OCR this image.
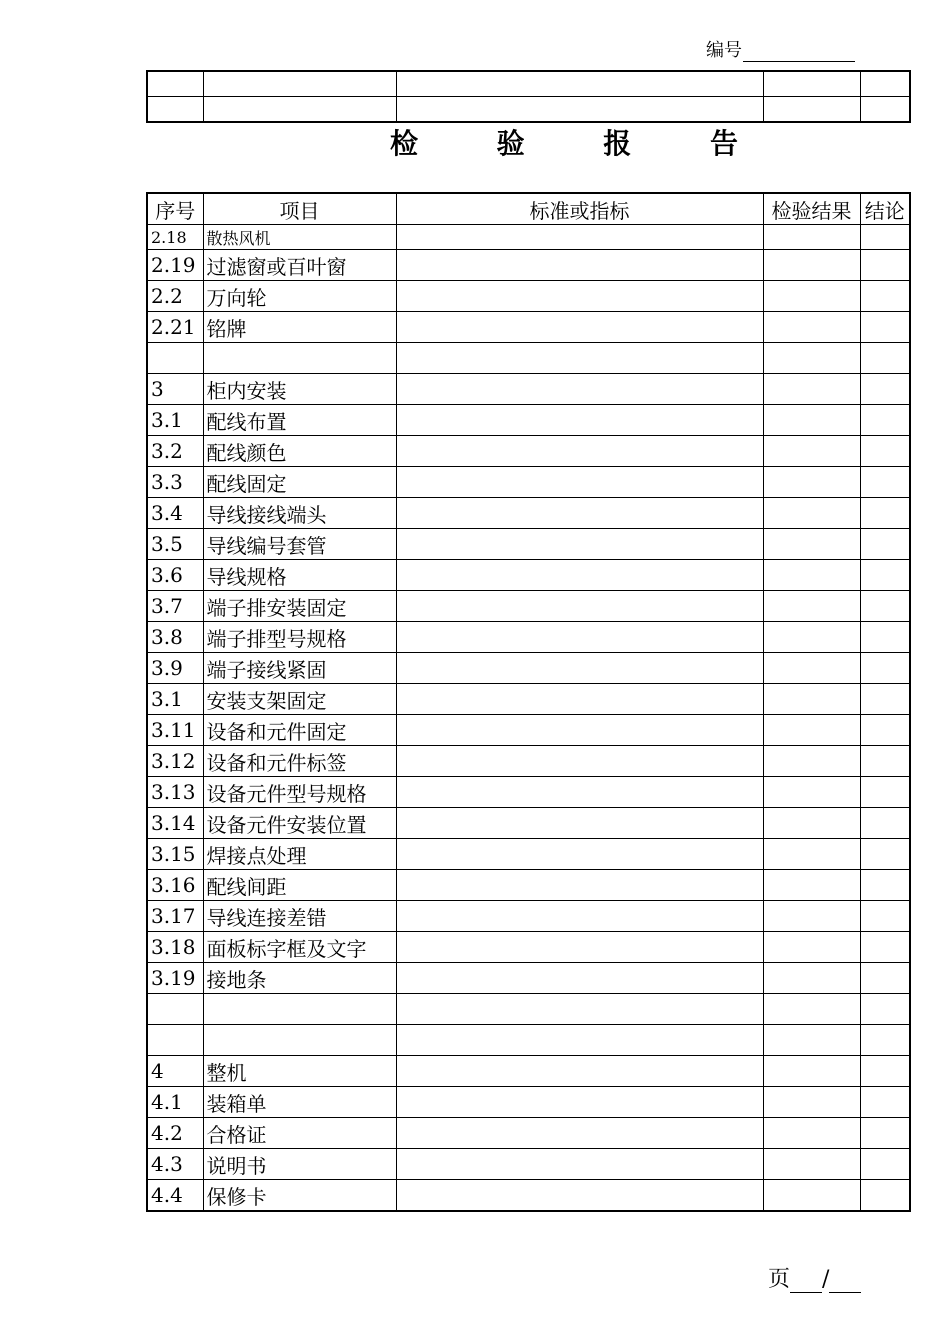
编号

检	验	报	告
序号	项目	标准或指标	检验结果	结论
2.18	散热风机			
2.19	过滤窗或百叶窗			
2.2	万向轮			
2.21	铭牌			

3	柜内安装			
3.1	配线布置			
3.2	配线颜色			
3.3	配线固定			
3.4	导线接线端头			
3.5	导线编号套管			
3.6	导线规格			
3.7	端子排安装固定			
3.8	端子排型号规格			
3.9	端子接线紧固			
3.1	安装支架固定			
3.11	设备和元件固定			
3.12	设备和元件标签			
3.13	设备元件型号规格			
3.14	设备元件安装位置			
3.15	焊接点处理			
3.16	配线间距			
3.17	导线连接差错			
3.18	面板标字框及文字			
3.19	接地条			

4	整机			
4.1	装箱单			
4.2	合格证			
4.3	说明书			
4.4	保修卡			
页 /
